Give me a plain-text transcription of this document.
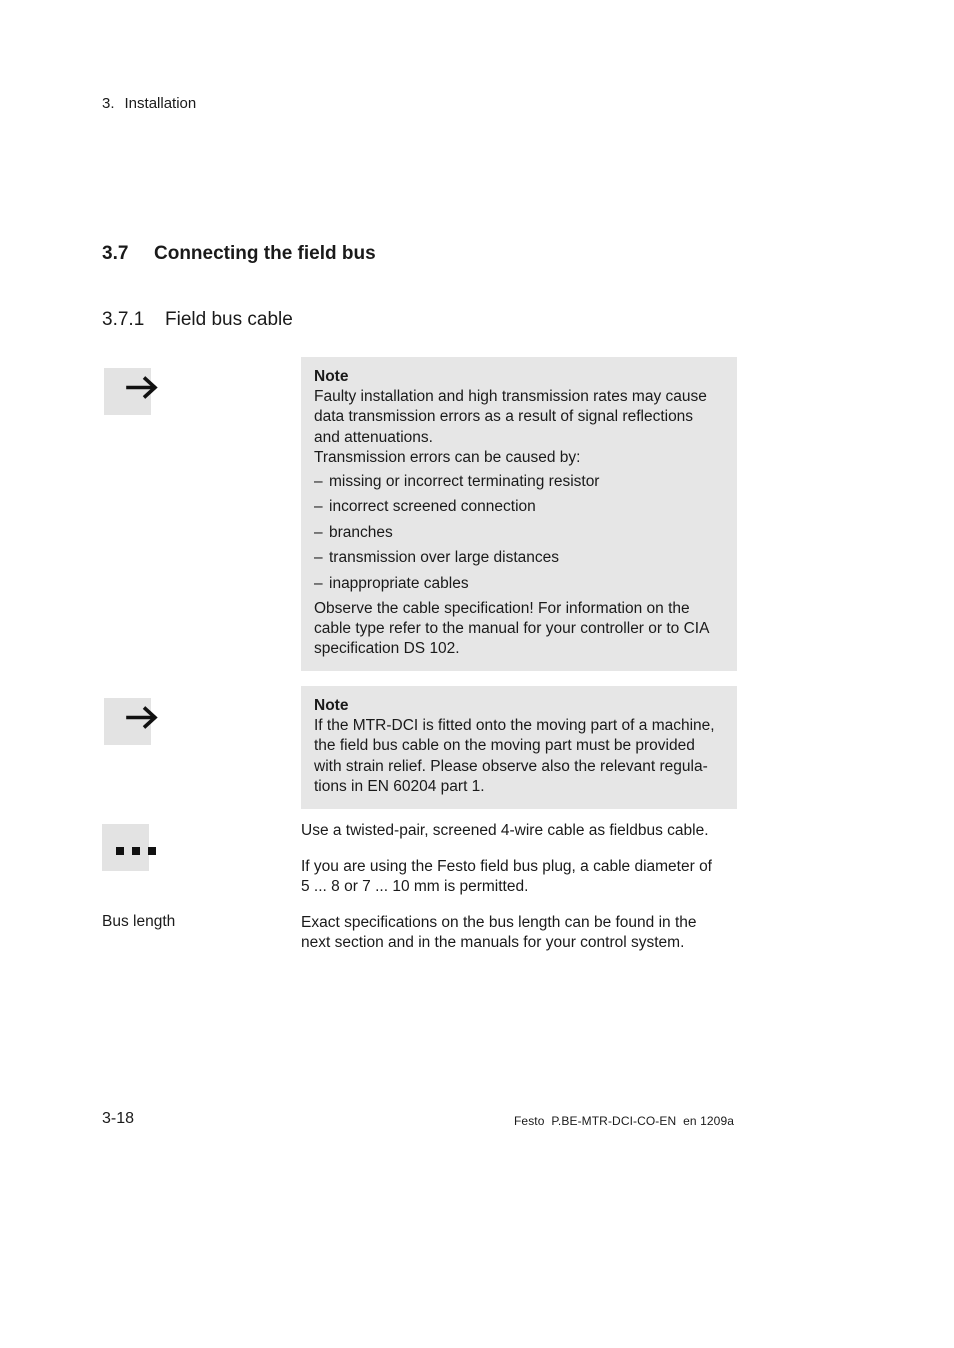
3. Installation
3.7 Connecting the field bus
3.7.1 Field bus cable
Note
Faulty installation and high transmission rates may cause
data transmission errors as a result of signal reflections
and attenuations.
Transmission errors can be caused by:
– missing or incorrect terminating resistor
– incorrect screened connection
– branches
– transmission over large distances
– inappropriate cables
Observe the cable specification! For information on the
cable type refer to the manual for your controller or to CIA
specification DS 102.
Note
If the MTR-DCI is fitted onto the moving part of a machine,
the field bus cable on the moving part must be provided
with strain relief. Please observe also the relevant regula-
tions in EN 60204 part 1.
Use a twisted-pair, screened 4-wire cable as fieldbus cable.
If you are using the Festo field bus plug, a cable diameter of
5 ... 8 or 7 ... 10 mm is permitted.
Bus length	Exact specifications on the bus length can be found in the
next section and in the manuals for your control system.
3-18	Festo  P.BE-MTR-DCI-CO-EN  en 1209a
